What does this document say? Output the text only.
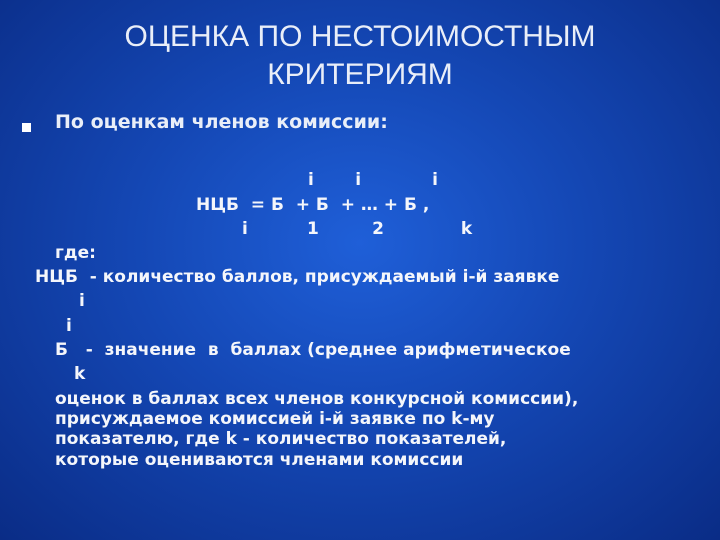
ОЦЕНКА ПО НЕСТОИМОСТНЫМ
КРИТЕРИЯМ
По оценкам членов комиссии:
i       i            i
НЦБ  = Б  + Б  + … + Б ,
i          1         2             k
где:
НЦБ  - количество баллов, присуждаемый i-й заявке
i
i
Б   -  значение  в  баллах (среднее арифметическое
k
оценок в баллах всех членов конкурсной комиссии),
присуждаемое комиссией i-й заявке по k-му
показателю, где k - количество показателей,
которые оцениваются членами комиссии
